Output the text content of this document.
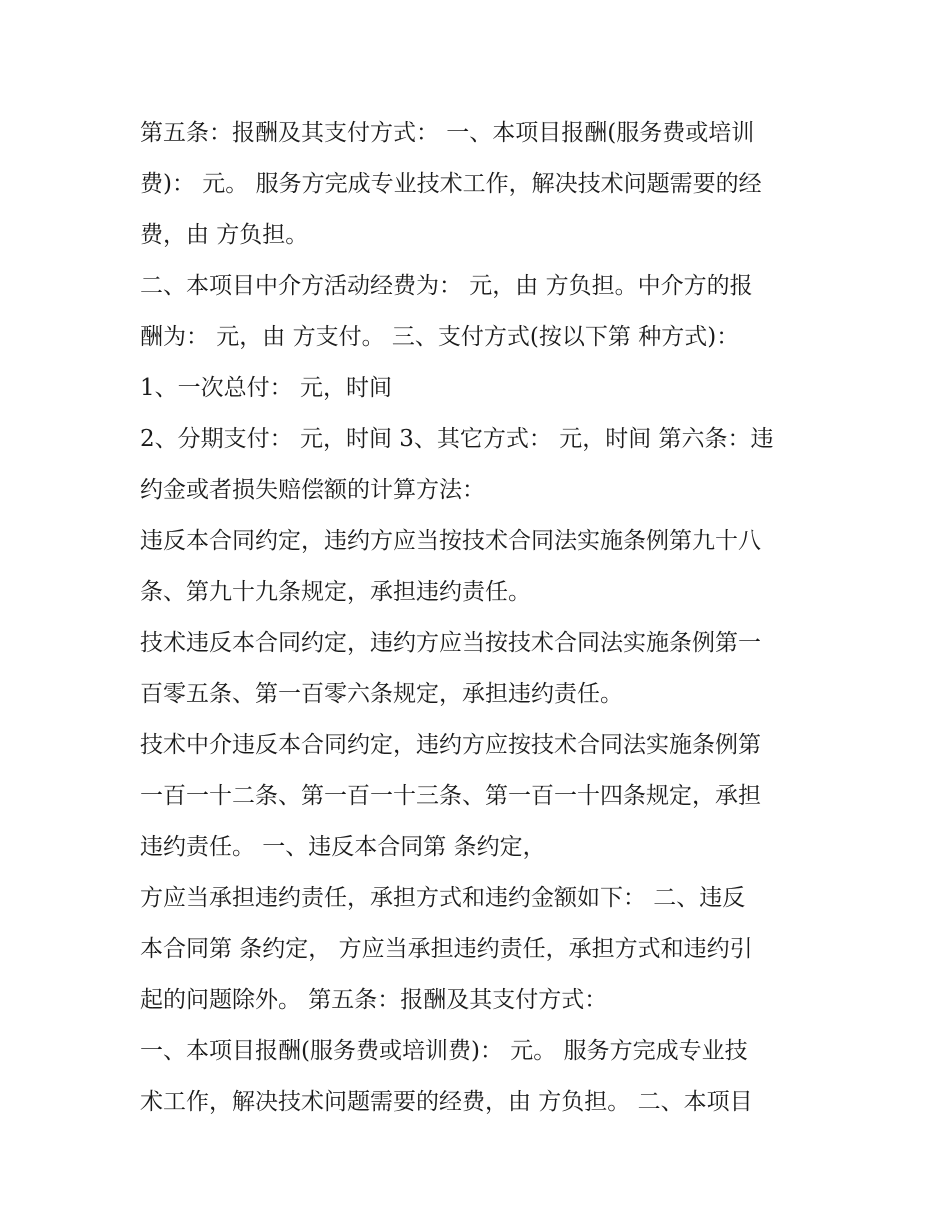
第五条：报酬及其支付方式： 一、本项目报酬(服务费或培训
费)： 元。 服务方完成专业技术工作，解决技术问题需要的经
费，由 方负担。
二、本项目中介方活动经费为： 元，由 方负担。中介方的报
酬为： 元，由 方支付。 三、支付方式(按以下第 种方式)：
1、一次总付： 元，时间
2、分期支付： 元，时间 3、其它方式： 元，时间 第六条：违
约金或者损失赔偿额的计算方法：
违反本合同约定，违约方应当按技术合同法实施条例第九十八
条、第九十九条规定，承担违约责任。
技术违反本合同约定，违约方应当按技术合同法实施条例第一
百零五条、第一百零六条规定，承担违约责任。
技术中介违反本合同约定，违约方应按技术合同法实施条例第
一百一十二条、第一百一十三条、第一百一十四条规定，承担
违约责任。 一、违反本合同第 条约定，
方应当承担违约责任，承担方式和违约金额如下： 二、违反
本合同第 条约定， 方应当承担违约责任，承担方式和违约引
起的问题除外。 第五条：报酬及其支付方式：
一、本项目报酬(服务费或培训费)： 元。 服务方完成专业技
术工作，解决技术问题需要的经费，由 方负担。 二、本项目
